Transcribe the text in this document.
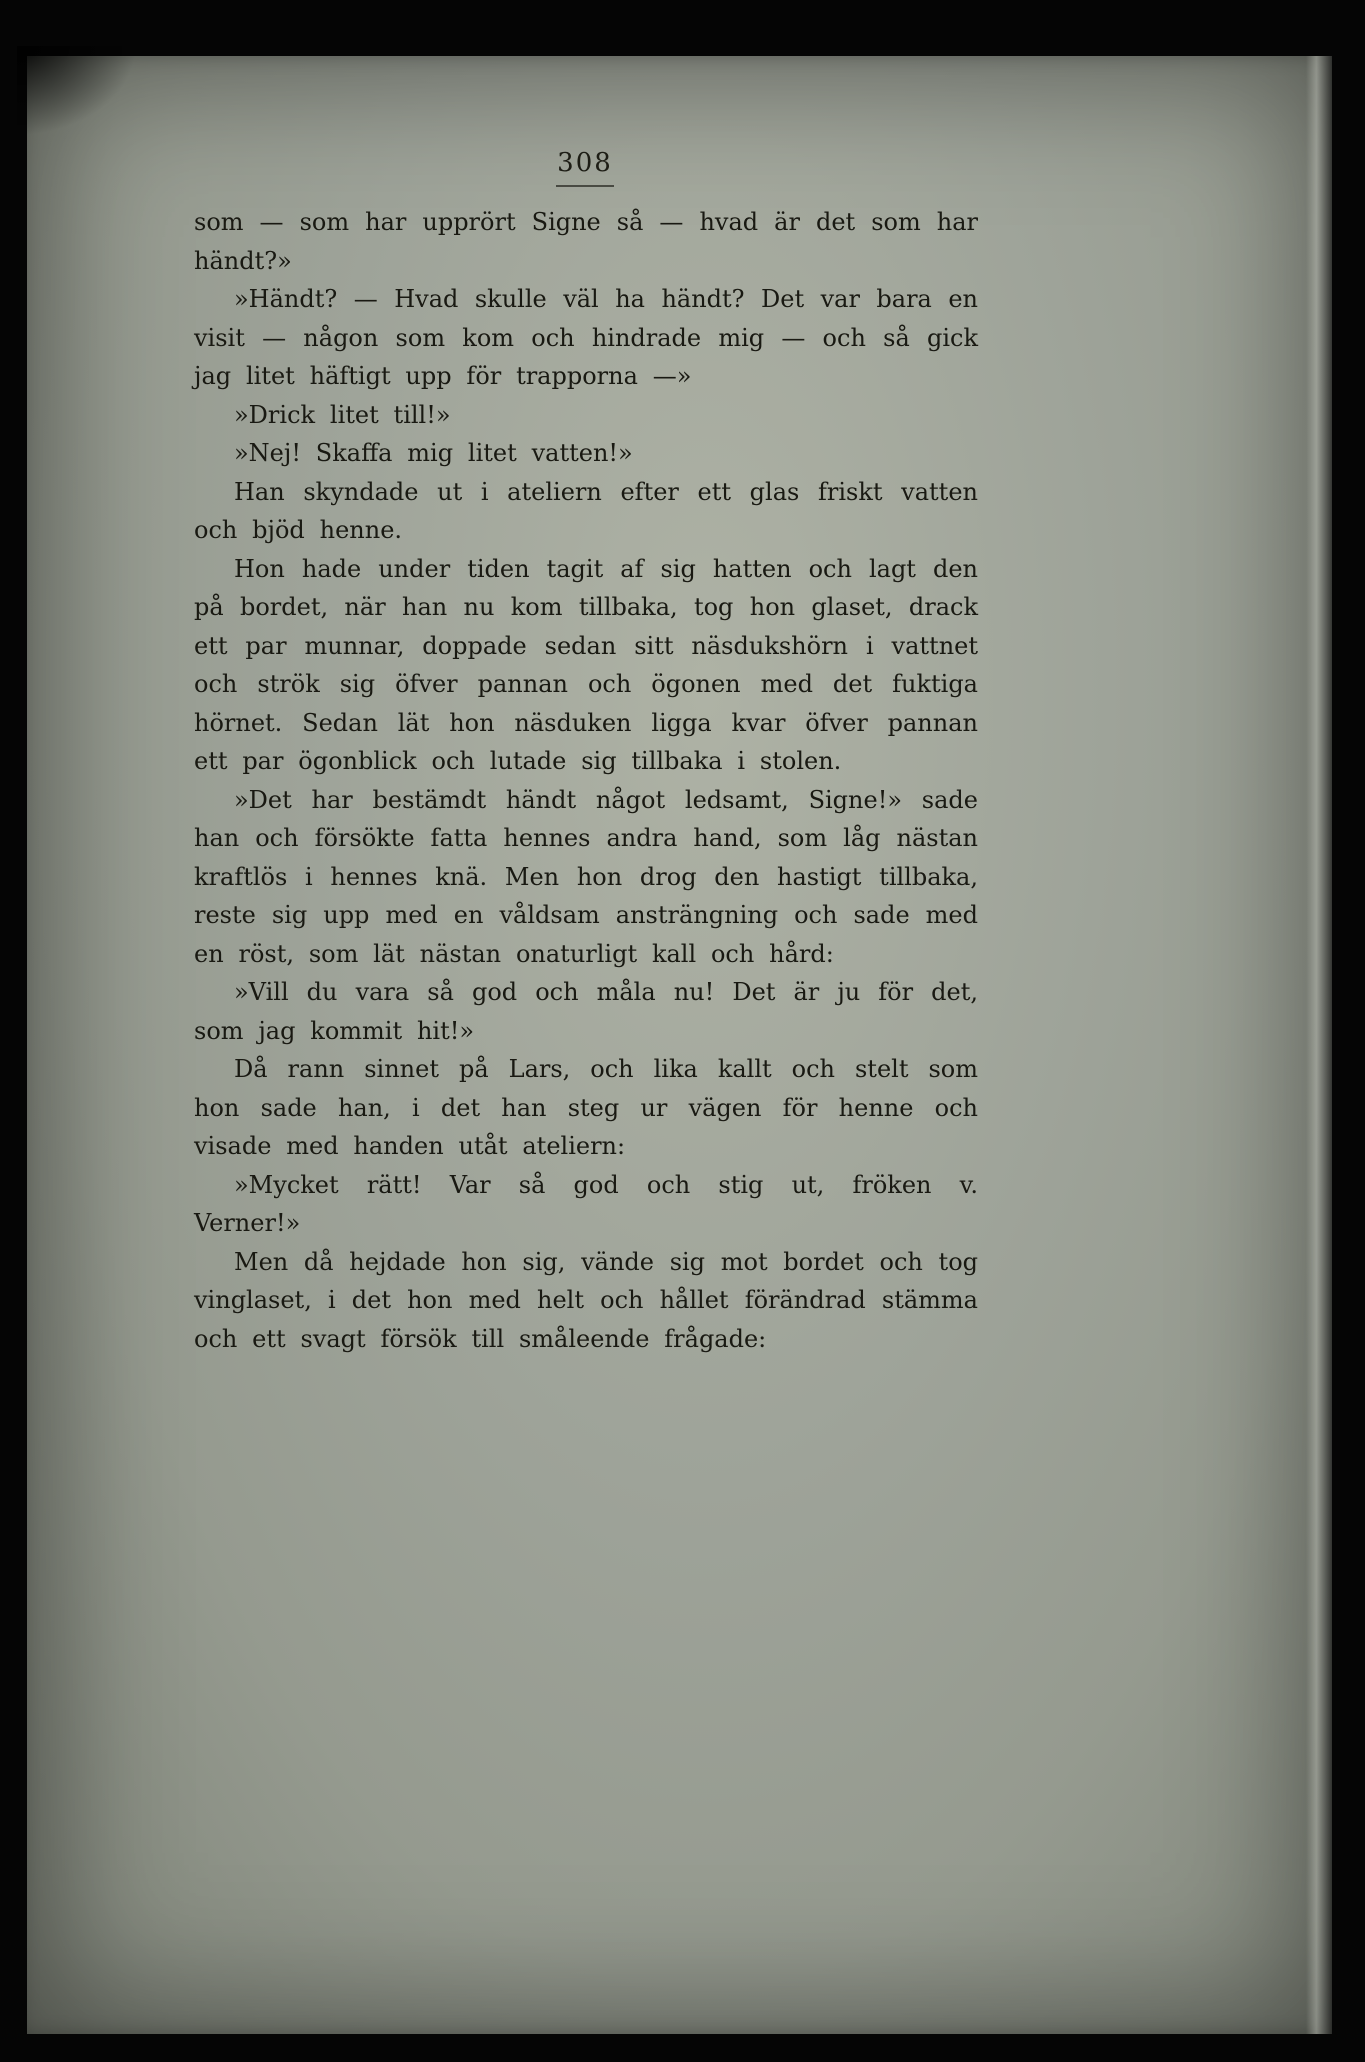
308

som — som har upprört Signe så — hvad är det som har händt?»

»Händt? — Hvad skulle väl ha händt? Det var bara en visit — någon som kom och hindrade mig — och så gick jag litet häftigt upp för trapporna —»

»Drick litet till!»

»Nej! Skaffa mig litet vatten!»

Han skyndade ut i ateliern efter ett glas friskt vatten och bjöd henne.

Hon hade under tiden tagit af sig hatten och lagt den på bordet, när han nu kom tillbaka, tog hon glaset, drack ett par munnar, doppade sedan sitt näsdukshörn i vattnet och strök sig öfver pannan och ögonen med det fuktiga hörnet. Sedan lät hon näsduken ligga kvar öfver pannan ett par ögonblick och lutade sig tillbaka i stolen.

»Det har bestämdt händt något ledsamt, Signe!» sade han och försökte fatta hennes andra hand, som låg nästan kraftlös i hennes knä. Men hon drog den hastigt tillbaka, reste sig upp med en våldsam ansträngning och sade med en röst, som lät nästan onaturligt kall och hård:

»Vill du vara så god och måla nu! Det är ju för det, som jag kommit hit!»

Då rann sinnet på Lars, och lika kallt och stelt som hon sade han, i det han steg ur vägen för henne och visade med handen utåt ateliern:

»Mycket rätt! Var så god och stig ut, fröken v. Verner!»

Men då hejdade hon sig, vände sig mot bordet och tog vinglaset, i det hon med helt och hållet förändrad stämma och ett svagt försök till småleende frågade:
